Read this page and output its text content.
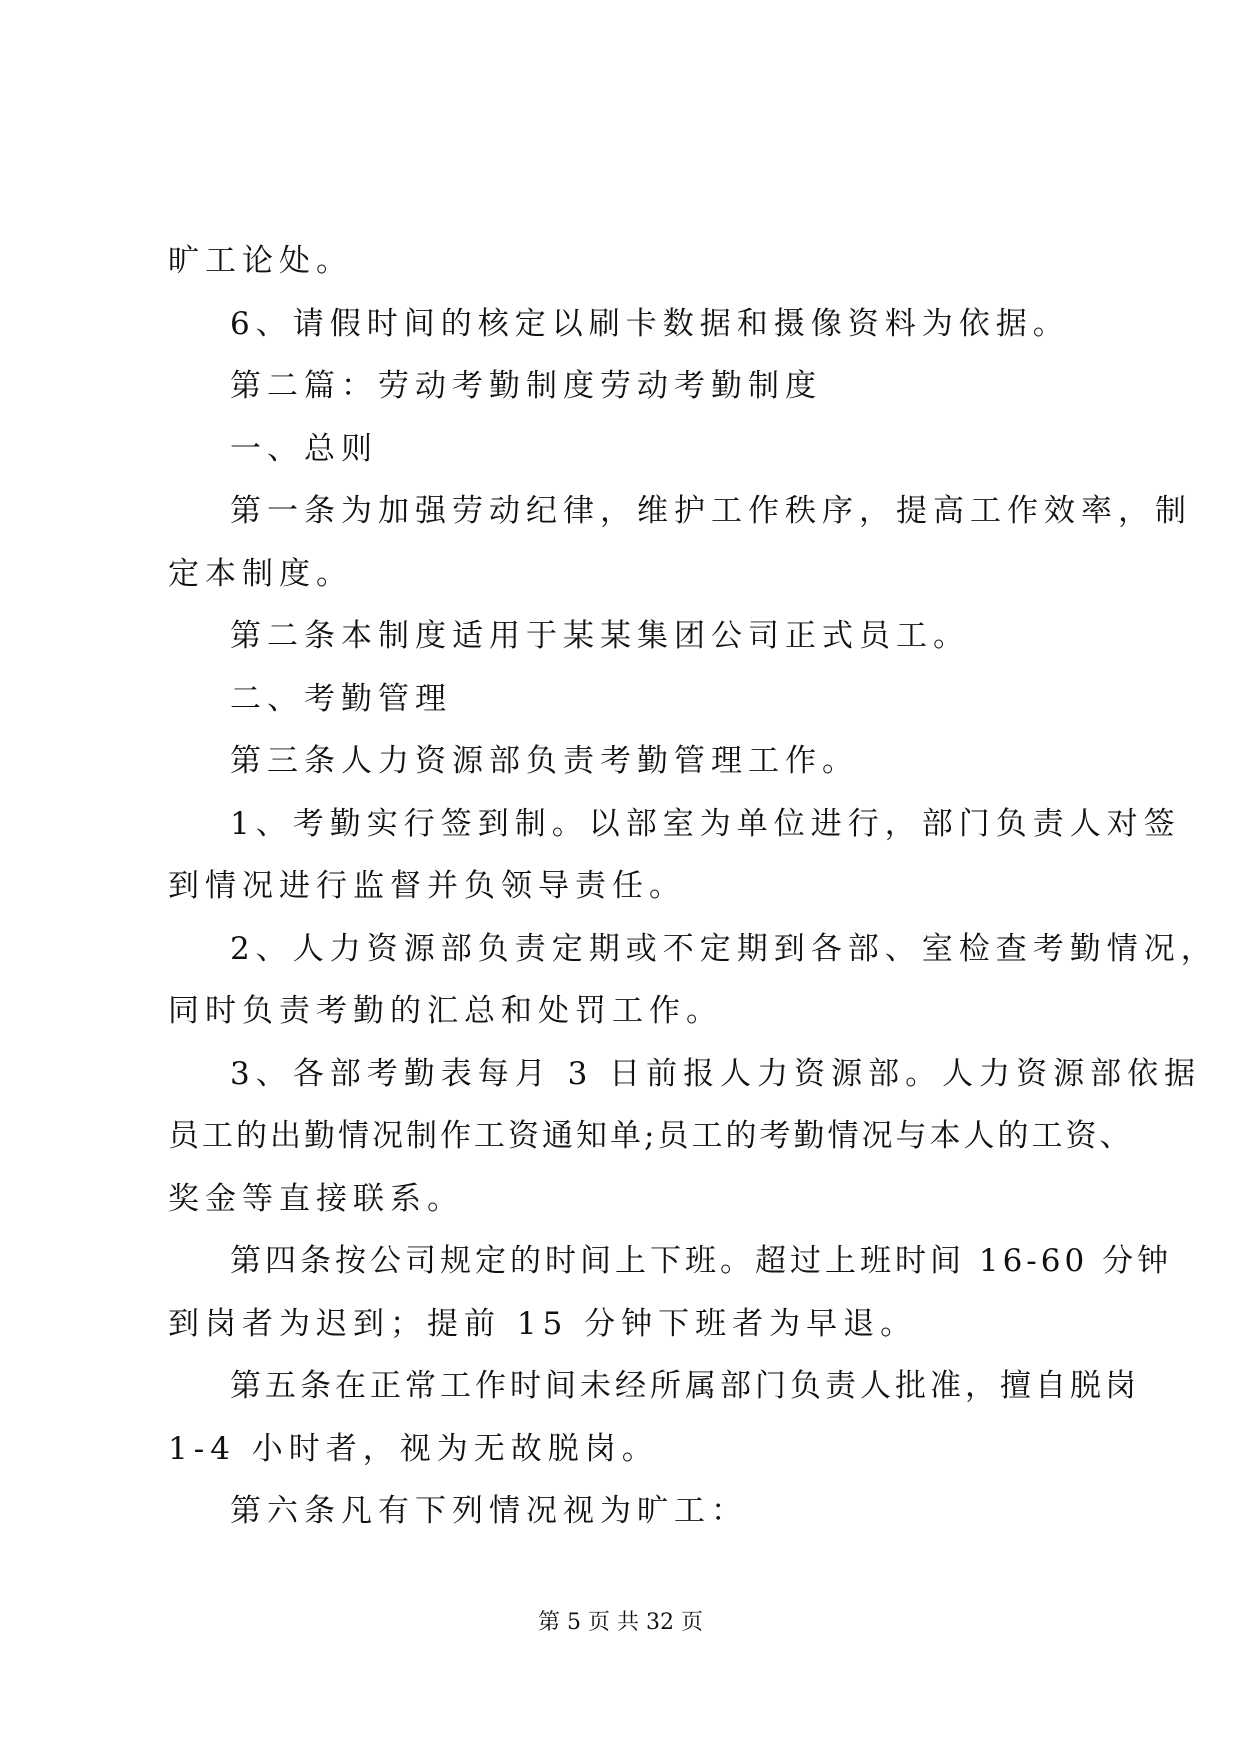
旷工论处。
6、请假时间的核定以刷卡数据和摄像资料为依据。
第二篇：劳动考勤制度劳动考勤制度
一、总则
第一条为加强劳动纪律，维护工作秩序，提高工作效率，制
定本制度。
第二条本制度适用于某某集团公司正式员工。
二、考勤管理
第三条人力资源部负责考勤管理工作。
1、考勤实行签到制。以部室为单位进行，部门负责人对签
到情况进行监督并负领导责任。
2、人力资源部负责定期或不定期到各部、室检查考勤情况，
同时负责考勤的汇总和处罚工作。
3、各部考勤表每月 3 日前报人力资源部。人力资源部依据
员工的出勤情况制作工资通知单;员工的考勤情况与本人的工资、
奖金等直接联系。
第四条按公司规定的时间上下班。超过上班时间 16-60 分钟
到岗者为迟到；提前 15 分钟下班者为早退。
第五条在正常工作时间未经所属部门负责人批准，擅自脱岗
1-4 小时者，视为无故脱岗。
第六条凡有下列情况视为旷工：
第 5 页 共 32 页
